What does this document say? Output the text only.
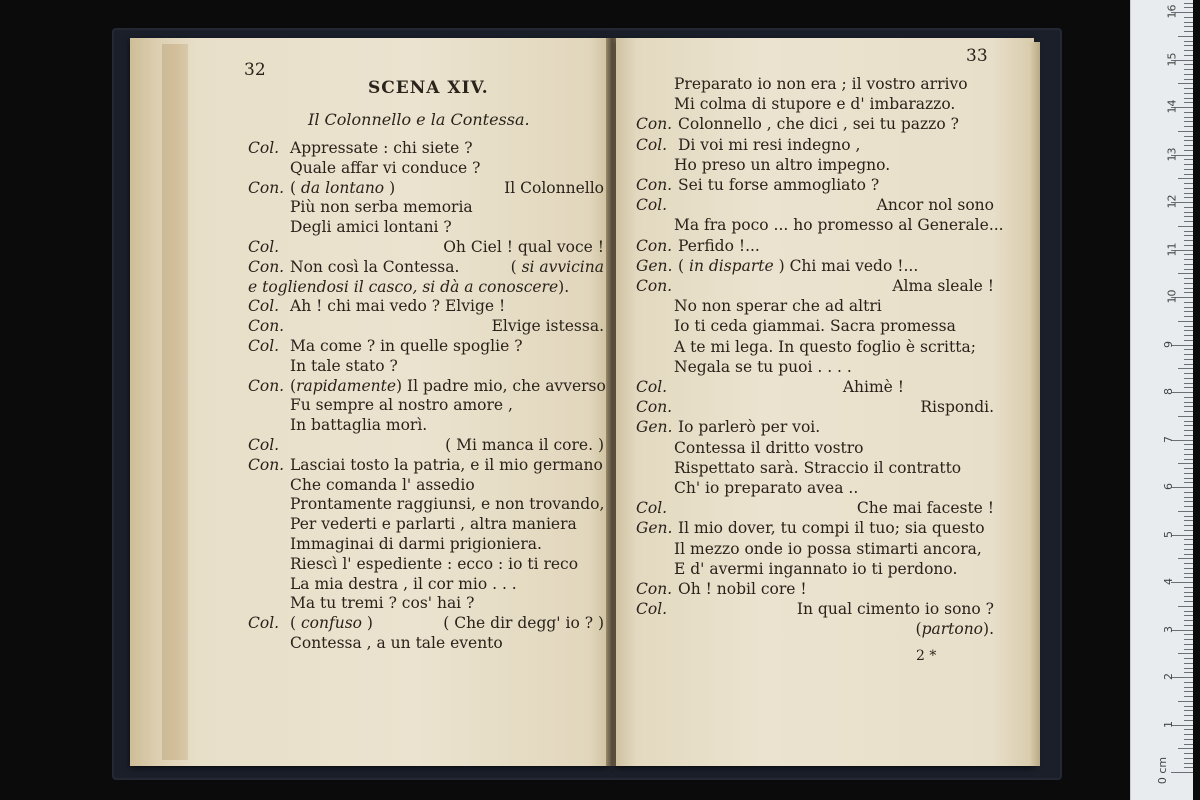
32
SCENA XIV.
Il Colonnello e la Contessa.
Col. Appressate : chi siete ?
Quale affar vi conduce ?
Con. ( da lontano )	Il Colonnello
Più non serba memoria
Degli amici lontani ?
Col.	Oh Ciel ! qual voce !
Con. Non così la Contessa.	( si avvicina
e togliendosi il casco, si dà a conoscere).
Col. Ah ! chi mai vedo ? Elvige !
Con.	Elvige istessa.
Col. Ma come ? in quelle spoglie ?
In tale stato ?
Con. (rapidamente) Il padre mio, che avverso
Fu sempre al nostro amore ,
In battaglia morì.
Col.	( Mi manca il core. )
Con. Lasciai tosto la patria, e il mio germano
Che comanda l' assedio
Prontamente raggiunsi, e non trovando,
Per vederti e parlarti , altra maniera
Immaginai di darmi prigioniera.
Riescì l' espediente : ecco : io ti reco
La mia destra , il cor mio . . .
Ma tu tremi ? cos' hai ?
Col. ( confuso )	( Che dir degg' io ? )
Contessa , a un tale evento
33
Preparato io non era ; il vostro arrivo
Mi colma di stupore e d' imbarazzo.
Con. Colonnello , che dici , sei tu pazzo ?
Col. Di voi mi resi indegno ,
Ho preso un altro impegno.
Con. Sei tu forse ammogliato ?
Col.	Ancor nol sono
Ma fra poco ... ho promesso al Generale...
Con. Perfido !...
Gen. ( in disparte ) Chi mai vedo !...
Con.	Alma sleale !
No non sperar che ad altri
Io ti ceda giammai. Sacra promessa
A te mi lega. In questo foglio è scritta;
Negala se tu puoi . . . .
Col.	Ahimè !
Con.	Rispondi.
Gen. Io parlerò per voi.
Contessa il dritto vostro
Rispettato sarà. Straccio il contratto
Ch' io preparato avea ..
Col.	Che mai faceste !
Gen. Il mio dover, tu compi il tuo; sia questo
Il mezzo onde io possa stimarti ancora,
E d' avermi ingannato io ti perdono.
Con. Oh ! nobil core !
Col.	In qual cimento io sono ?
(partono).
2 *
0 cm
1
2
3
4
5
6
7
8
9
10
11
12
13
14
15
16
